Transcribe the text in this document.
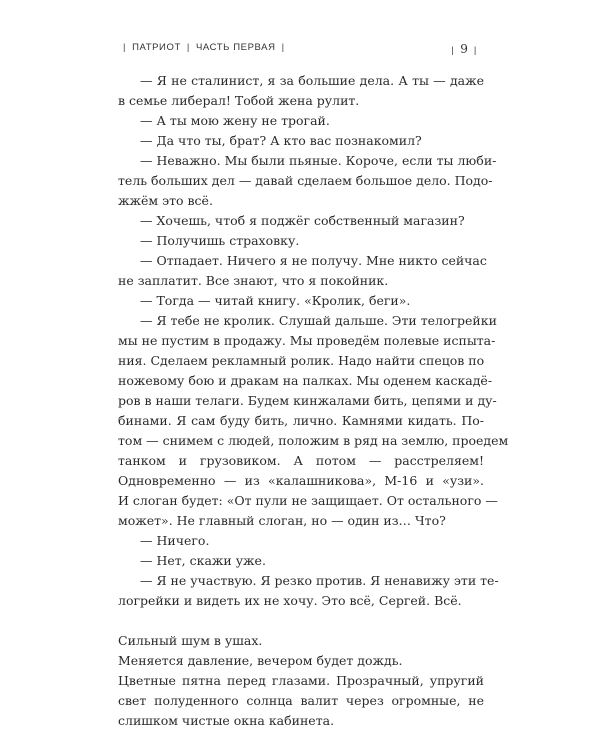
| ПАТРИОТ | ЧАСТЬ ПЕРВАЯ |	| 9 |
— Я не сталинист, я за большие дела. А ты — даже
в семье либерал! Тобой жена рулит.
— А ты мою жену не трогай.
— Да что ты, брат? А кто вас познакомил?
— Неважно. Мы были пьяные. Короче, если ты люби-
тель больших дел — давай сделаем большое дело. Подо-
жжём это всё.
— Хочешь, чтоб я поджёг собственный магазин?
— Получишь страховку.
— Отпадает. Ничего я не получу. Мне никто сейчас
не заплатит. Все знают, что я покойник.
— Тогда — читай книгу. «Кролик, беги».
— Я тебе не кролик. Слушай дальше. Эти телогрейки
мы не пустим в продажу. Мы проведём полевые испыта-
ния. Сделаем рекламный ролик. Надо найти спецов по
ножевому бою и дракам на палках. Мы оденем каскадё-
ров в наши телаги. Будем кинжалами бить, цепями и ду-
бинами. Я сам буду бить, лично. Камнями кидать. По-
том — снимем с людей, положим в ряд на землю, проедем
танком и грузовиком. А потом — расстреляем!
Одновременно — из «калашникова», М-16 и «узи».
И слоган будет: «От пули не защищает. От остального —
может». Не главный слоган, но — один из… Что?
— Ничего.
— Нет, скажи уже.
— Я не участвую. Я резко против. Я ненавижу эти те-
логрейки и видеть их не хочу. Это всё, Сергей. Всё.
Сильный шум в ушах.
Меняется давление, вечером будет дождь.
Цветные пятна перед глазами. Прозрачный, упругий
свет полуденного солнца валит через огромные, не
слишком чистые окна кабинета.
